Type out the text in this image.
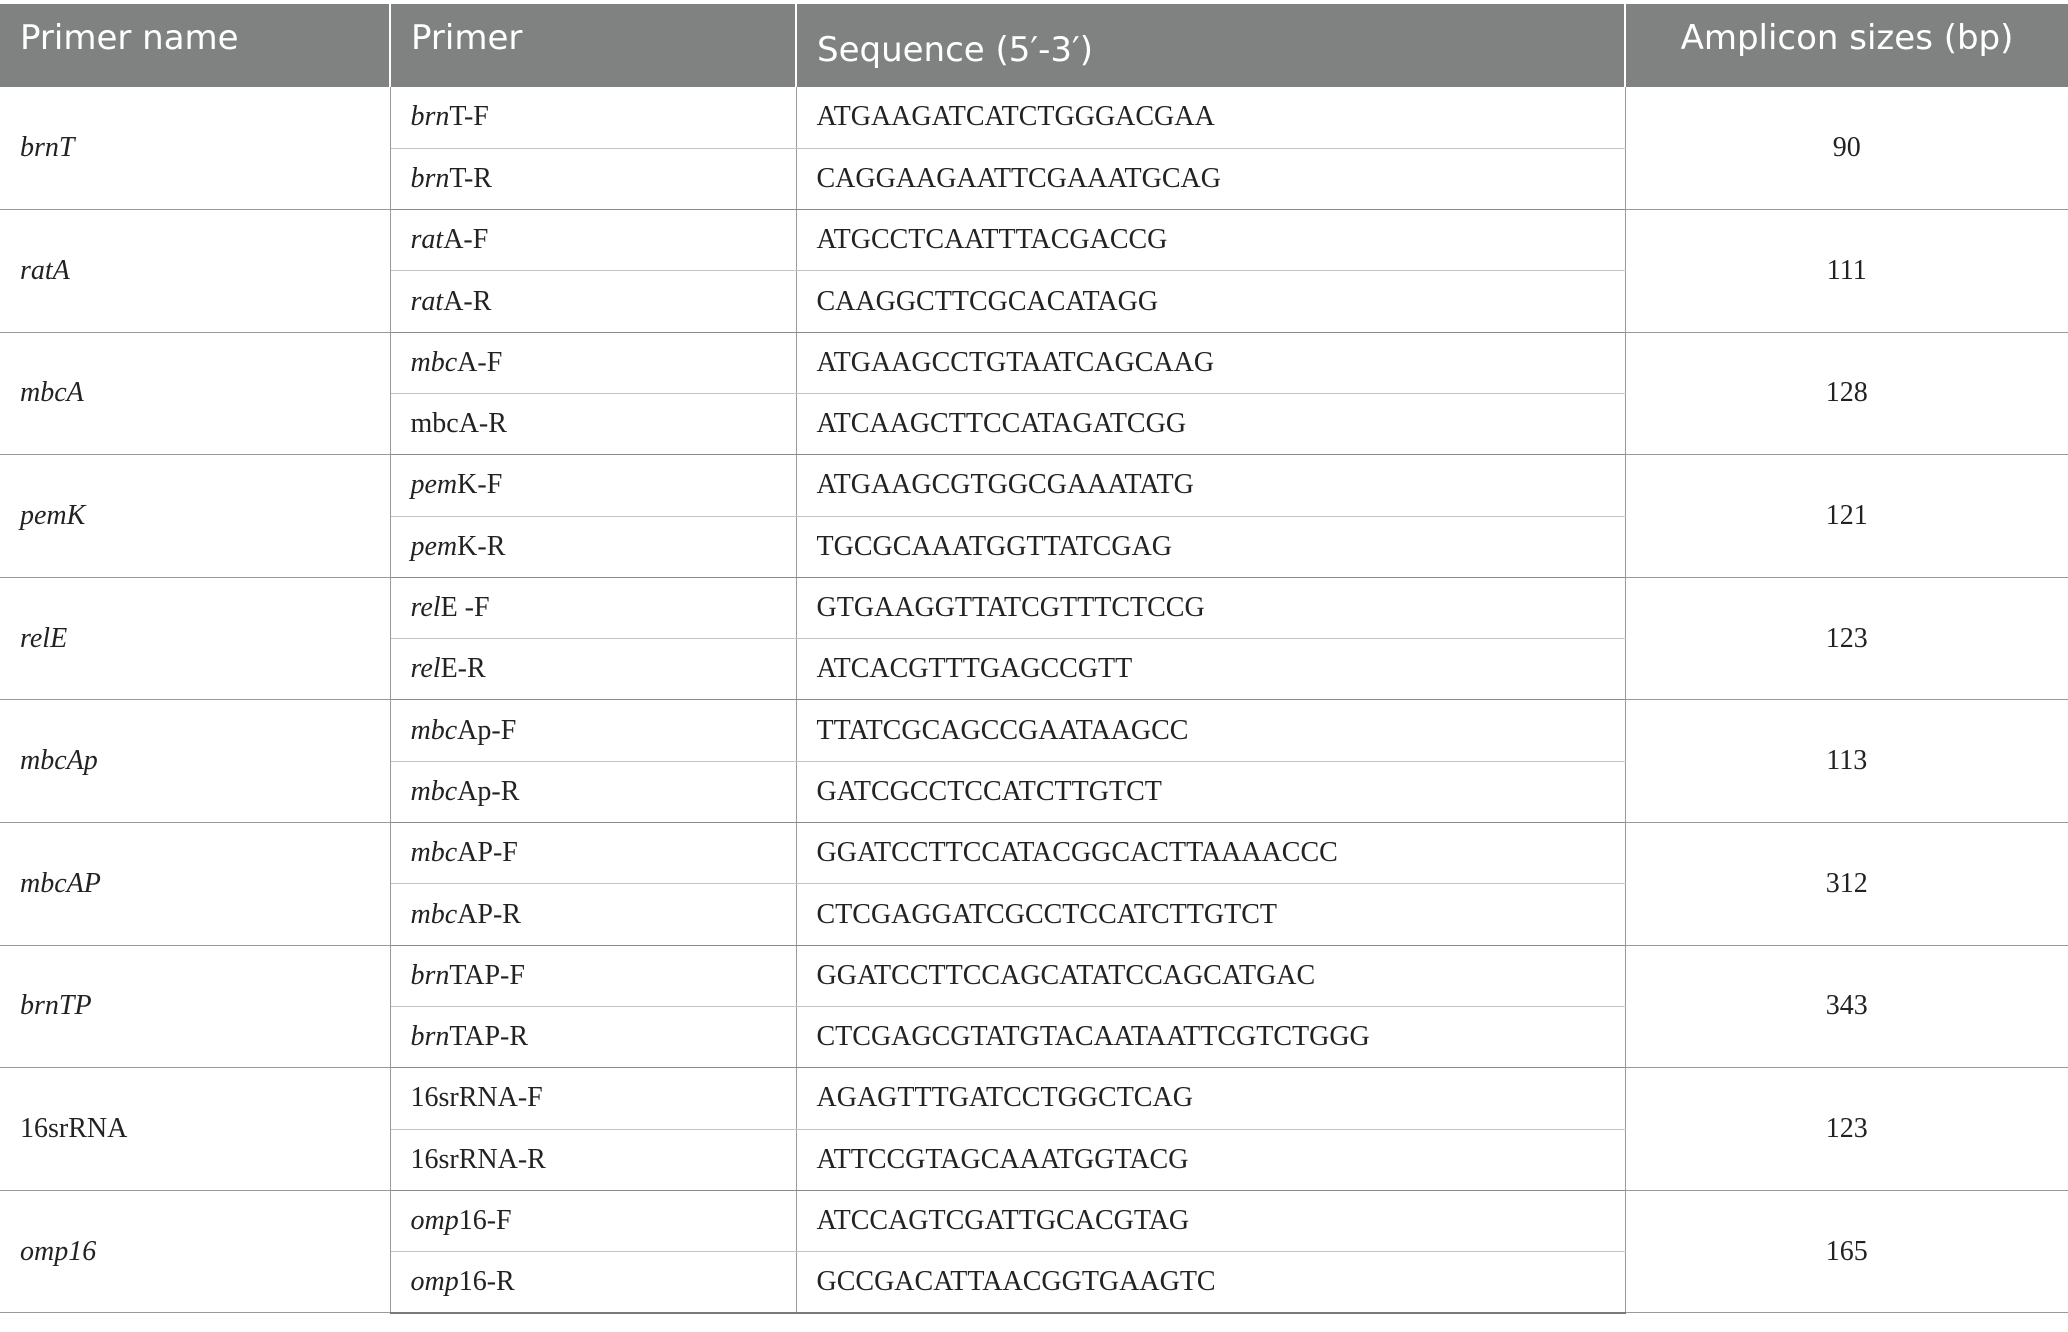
Primer name	Primer	Sequence (5′-3′)	Amplicon sizes (bp)
brnT	brnT-F	ATGAAGATCATCTGGGACGAA	90
	brnT-R	CAGGAAGAATTCGAAATGCAG	
ratA	ratA-F	ATGCCTCAATTTACGACCG	111
	ratA-R	CAAGGCTTCGCACATAGG	
mbcA	mbcA-F	ATGAAGCCTGTAATCAGCAAG	128
	mbcA-R	ATCAAGCTTCCATAGATCGG	
pemK	pemK-F	ATGAAGCGTGGCGAAATATG	121
	pemK-R	TGCGCAAATGGTTATCGAG	
relE	relE -F	GTGAAGGTTATCGTTTCTCCG	123
	relE-R	ATCACGTTTGAGCCGTT	
mbcAp	mbcAp-F	TTATCGCAGCCGAATAAGCC	113
	mbcAp-R	GATCGCCTCCATCTTGTCT	
mbcAP	mbcAP-F	GGATCCTTCCATACGGCACTTAAAACCC	312
	mbcAP-R	CTCGAGGATCGCCTCCATCTTGTCT	
brnTP	brnTAP-F	GGATCCTTCCAGCATATCCAGCATGAC	343
	brnTAP-R	CTCGAGCGTATGTACAATAATTCGTCTGGG	
16srRNA	16srRNA-F	AGAGTTTGATCCTGGCTCAG	123
	16srRNA-R	ATTCCGTAGCAAATGGTACG	
omp16	omp16-F	ATCCAGTCGATTGCACGTAG	165
	omp16-R	GCCGACATTAACGGTGAAGTC	
